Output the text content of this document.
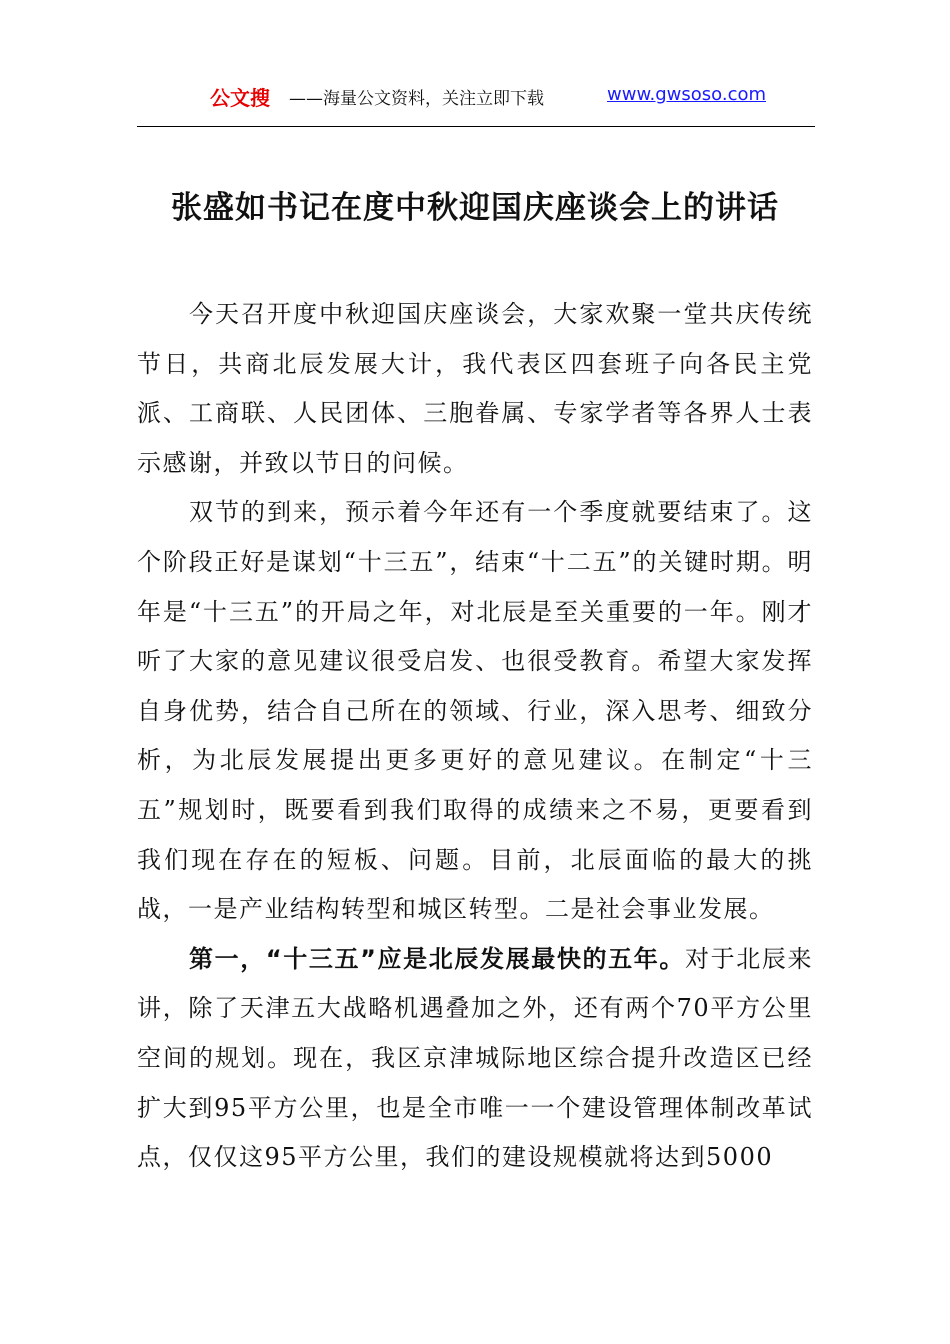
公文搜 ——海量公文资料，关注立即下载	www.gwsoso.com
张盛如书记在度中秋迎国庆座谈会上的讲话

今天召开度中秋迎国庆座谈会，大家欢聚一堂共庆传统节日，共商北辰发展大计，我代表区四套班子向各民主党派、工商联、人民团体、三胞眷属、专家学者等各界人士表示感谢，并致以节日的问候。

双节的到来，预示着今年还有一个季度就要结束了。这个阶段正好是谋划“十三五”，结束“十二五”的关键时期。明年是“十三五”的开局之年，对北辰是至关重要的一年。刚才听了大家的意见建议很受启发、也很受教育。希望大家发挥自身优势，结合自己所在的领域、行业，深入思考、细致分析，为北辰发展提出更多更好的意见建议。在制定“十三五”规划时，既要看到我们取得的成绩来之不易，更要看到我们现在存在的短板、问题。目前，北辰面临的最大的挑战，一是产业结构转型和城区转型。二是社会事业发展。

第一，“十三五”应是北辰发展最快的五年。对于北辰来讲，除了天津五大战略机遇叠加之外，还有两个70平方公里空间的规划。现在，我区京津城际地区综合提升改造区已经扩大到95平方公里，也是全市唯一一个建设管理体制改革试点，仅仅这95平方公里，我们的建设规模就将达到5000
